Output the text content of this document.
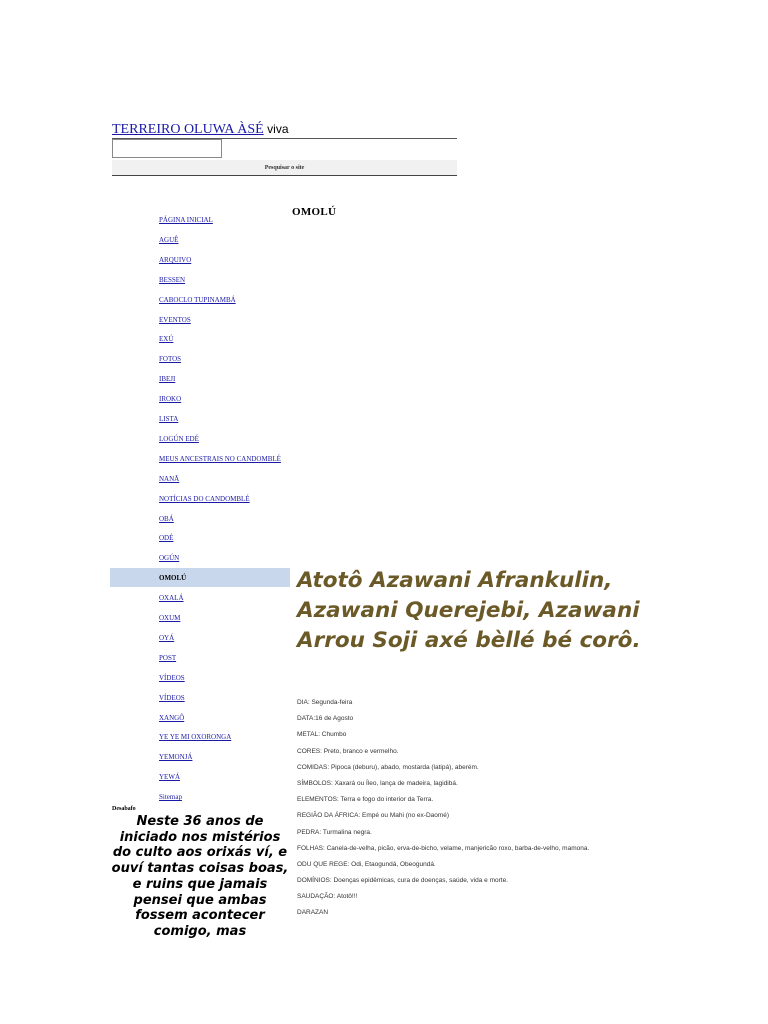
TERREIRO OLUWA ÀSÉ viva
Pesquisar o site
OMOLÚ
PÁGINA INICIAL
AGUÊ
ARQUIVO
BESSEN
CABOCLO TUPINAMBÁ
EVENTOS
EXÚ
FOTOS
IBEJI
IROKO
LISTA
LOGÚN EDÉ
MEUS ANCESTRAIS NO CANDOMBLÉ
NANÃ
NOTÍCIAS DO CANDOMBLÉ
OBÁ
ODÉ
OGÚN
OMOLÚ
OXALÁ
OXUM
OYÁ
POST
VÍDEOS
VÍDEOS
XANGÔ
YE YE MI OXORONGA
YEMONJÁ
YEWÁ
Sitemap
Desabafo
Neste 36 anos de iniciado nos mistérios do culto aos orixás ví, e ouví tantas coisas boas, e ruins que jamais pensei que ambas fossem acontecer comigo, mas
Atotô Azawani Afrankulin, Azawani Querejebi, Azawani Arrou Soji axé bèllé bé corô.
DIA: Segunda-feira
DATA:16 de Agosto
METAL: Chumbo
CORES: Preto, branco e vermelho.
COMIDAS: Pipoca (deburu), abado, mostarda (latipá), aberém.
SÍMBOLOS: Xaxará ou Íleo, lança de madeira, lagidibá.
ELEMENTOS: Terra e fogo do interior da Terra.
REGIÃO DA ÁFRICA: Empé ou Mahi (no ex-Daomé)
PEDRA: Turmalina negra.
FOLHAS: Canela-de-velha, picão, erva-de-bicho, velame, manjericão roxo, barba-de-velho, mamona.
ODU QUE REGE: Odi, Etaogundá, Obeogundá.
DOMÍNIOS: Doenças epidêmicas, cura de doenças, saúde, vida e morte.
SAUDAÇÃO: Atotô!!!
DARAZAN
